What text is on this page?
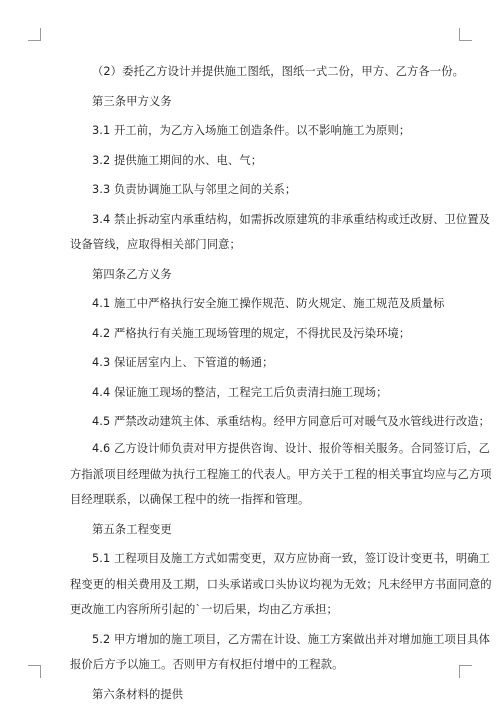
（2）委托乙方设计并提供施工图纸，图纸一式二份，甲方、乙方各一份。
第三条甲方义务
3.1 开工前，为乙方入场施工创造条件。以不影响施工为原则；
3.2 提供施工期间的水、电、气；
3.3 负责协调施工队与邻里之间的关系；
3.4 禁止拆动室内承重结构，如需拆改原建筑的非承重结构或迁改厨、卫位置及
设备管线，应取得相关部门同意；
第四条乙方义务
4.1 施工中严格执行安全施工操作规范、防火规定、施工规范及质量标
4.2 严格执行有关施工现场管理的规定，不得扰民及污染环境；
4.3 保证居室内上、下管道的畅通；
4.4 保证施工现场的整洁，工程完工后负责清扫施工现场；
4.5 严禁改动建筑主体、承重结构。经甲方同意后可对暖气及水管线进行改造；
4.6 乙方设计师负责对甲方提供咨询、设计、报价等相关服务。合同签订后，乙
方指派项目经理做为执行工程施工的代表人。甲方关于工程的相关事宜均应与乙方项
目经理联系，以确保工程中的统一指挥和管理。
第五条工程变更
5.1 工程项目及施工方式如需变更，双方应协商一致，签订设计变更书，明确工
程变更的相关费用及工期，口头承诺或口头协议均视为无效；凡未经甲方书面同意的
更改施工内容所所引起的`一切后果，均由乙方承担；
5.2 甲方增加的施工项目，乙方需在计设、施工方案做出并对增加施工项目具体
报价后方予以施工。否则甲方有权拒付增中的工程款。
第六条材料的提供
